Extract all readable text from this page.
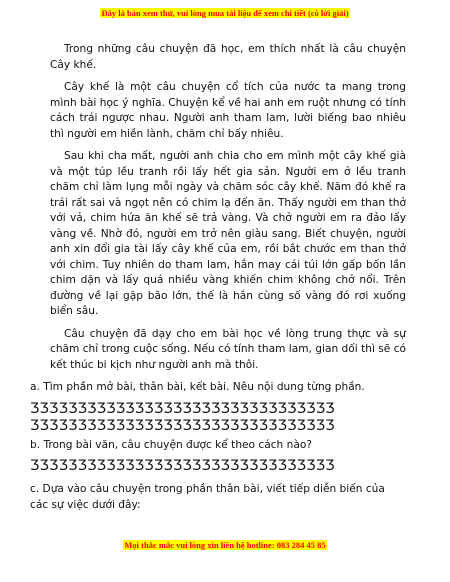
Đây là bản xem thử, vui lòng mua tài liệu để xem chi tiết (có lời giải)

Trong những câu chuyện đã học, em thích nhất là câu chuyện Cây khế.

Cây khế là một câu chuyện cổ tích của nước ta mang trong mình bài học ý nghĩa. Chuyện kể về hai anh em ruột nhưng có tính cách trái ngược nhau. Người anh tham lam, lười biếng bao nhiêu thì người em hiền lành, chăm chỉ bấy nhiêu.

Sau khi cha mất, người anh chia cho em mình một cây khế già và một túp lều tranh rồi lấy hết gia sản. Người em ở lều tranh chăm chỉ làm lụng mỗi ngày và chăm sóc cây khế. Năm đó khế ra trái rất sai và ngọt nên có chim lạ đến ăn. Thấy người em than thở với vả, chim hứa ăn khế sẽ trả vàng. Và chở người em ra đảo lấy vàng về. Nhờ đó, người em trở nên giàu sang. Biết chuyện, người anh xin đổi gia tài lấy cây khế của em, rồi bắt chước em than thở với chim. Tuy nhiên do tham lam, hắn may cái túi lớn gấp bốn lần chim dặn và lấy quá nhiều vàng khiến chim không chở nổi. Trên đường về lại gặp bão lớn, thế là hắn cùng số vàng đó rơi xuống biển sâu.

Câu chuyện đã dạy cho em bài học về lòng trung thực và sự chăm chỉ trong cuộc sống. Nếu có tính tham lam, gian dối thì sẽ có kết thúc bi kịch như người anh mà thôi.

a. Tìm phần mở bài, thân bài, kết bài. Nêu nội dung từng phần.

ǮǮǮǮǮǮǮǮǮǮǮǮǮǮǮǮǮǮǮǮǮǮǮǮǮǮǮǮǮǮǮǮ
ǮǮǮǮǮǮǮǮǮǮǮǮǮǮǮǮǮǮǮǮǮǮǮǮǮǮǮǮǮǮǮǮ

b. Trong bài văn, câu chuyện được kể theo cách nào?

ǮǮǮǮǮǮǮǮǮǮǮǮǮǮǮǮǮǮǮǮǮǮǮǮǮǮǮǮǮǮǮǮ

c. Dựa vào câu chuyện trong phần thân bài, viết tiếp diễn biến của các sự việc dưới đây:

Mọi thắc mắc vui lòng xin liên hệ hotline: 083 284 45 85
